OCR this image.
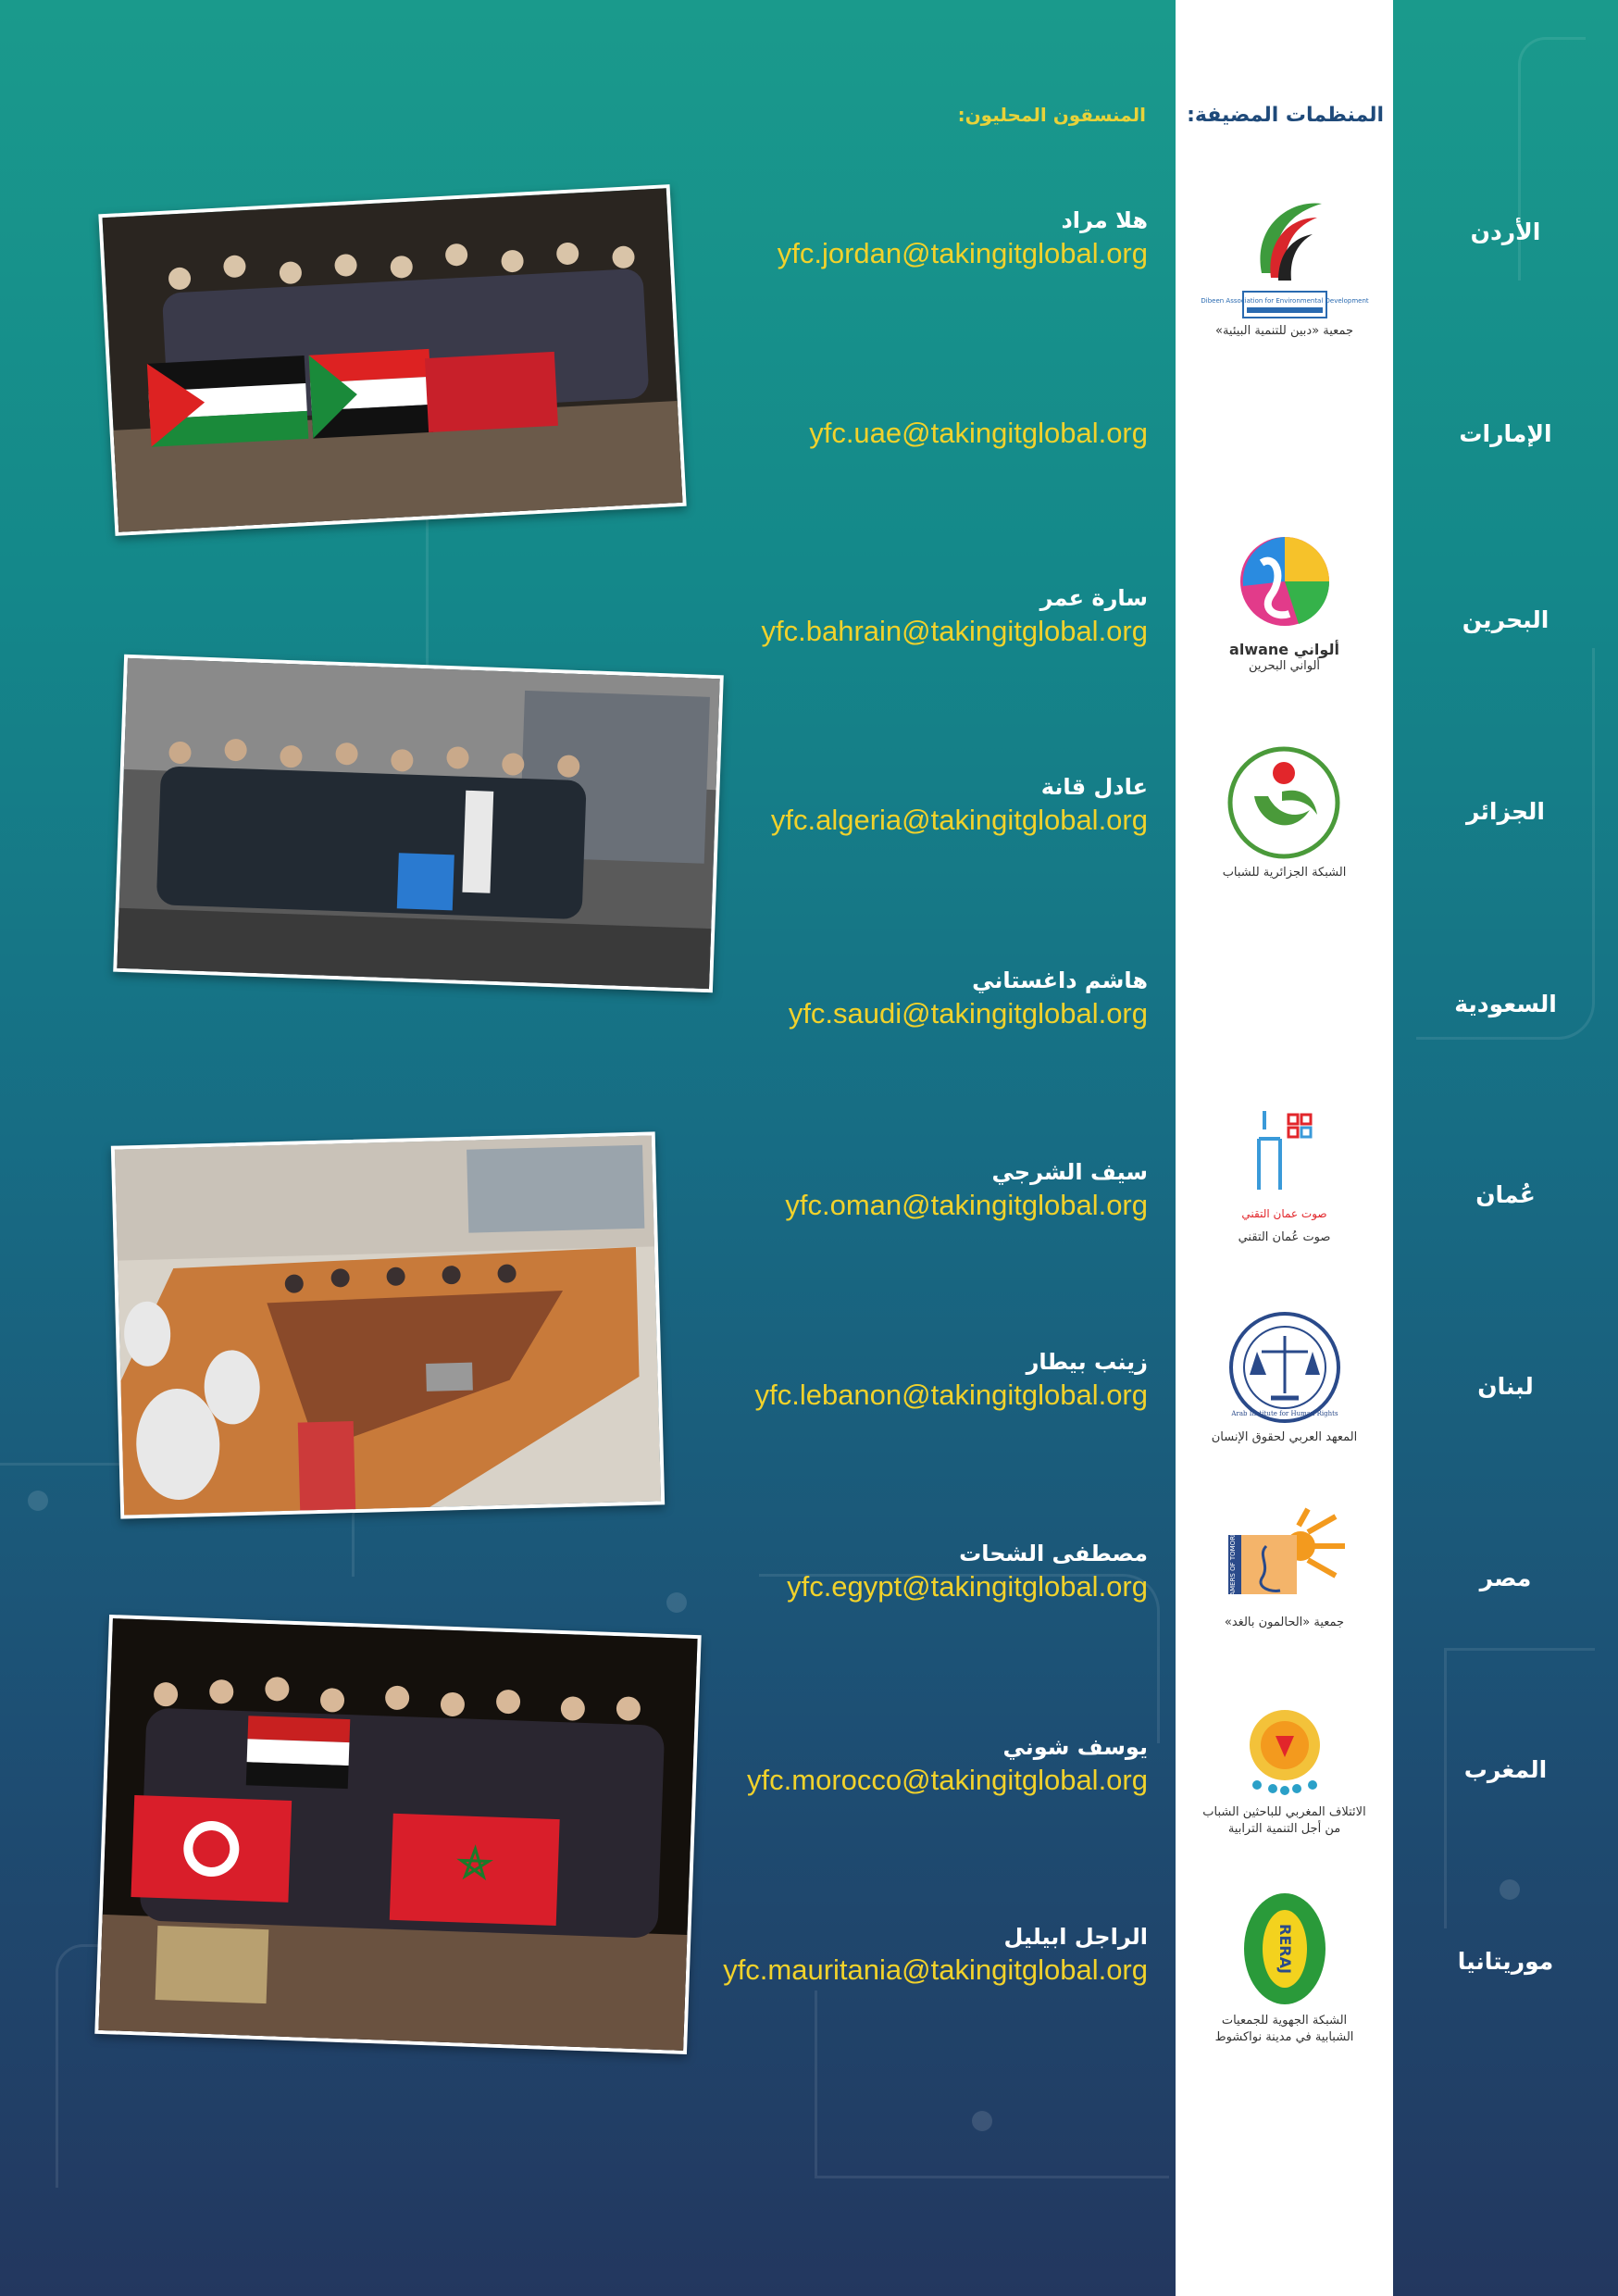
المنظمات المضيفة:
المنسقون المحليون:
الأردن
الإمارات
البحرين
الجزائر
السعودية
عُمان
لبنان
مصر
المغرب
موريتانيا
هلا مراد
yfc.jordan@takingitglobal.org
yfc.uae@takingitglobal.org
سارة عمر
yfc.bahrain@takingitglobal.org
عادل قانة
yfc.algeria@takingitglobal.org
هاشم داغستاني
yfc.saudi@takingitglobal.org
سيف الشرجي
yfc.oman@takingitglobal.org
زينب بيطار
yfc.lebanon@takingitglobal.org
مصطفى الشحات
yfc.egypt@takingitglobal.org
يوسف شوني
yfc.morocco@takingitglobal.org
الراجل ابيليل
yfc.mauritania@takingitglobal.org
Dibeen Association for Environmental Development
جمعية «دبين للتنمية البيئية»
alwane ألواني
ألواني البحرين
الشبكة الجزائرية للشباب
صوت عمان التقني
صوت عُمان التقني
Arab Institute for Human Rights
المعهد العربي لحقوق الإنسان
DREAMERS OF TOMORROW
جمعية «الحالمون بالغد»
الائتلاف المغربي للباحثين الشباب
من أجل التنمية الترابية
RERAJ
الشبكة الجهوية للجمعيات
الشبابية في مدينة نواكشوط
